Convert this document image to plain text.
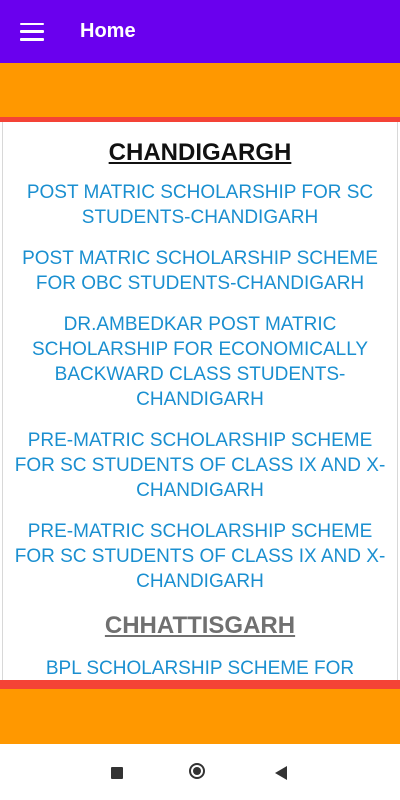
Home
CHANDIGARGH
POST MATRIC SCHOLARSHIP FOR SC STUDENTS-CHANDIGARH
POST MATRIC SCHOLARSHIP SCHEME FOR OBC STUDENTS-CHANDIGARH
DR.AMBEDKAR POST MATRIC SCHOLARSHIP FOR ECONOMICALLY BACKWARD CLASS STUDENTS-CHANDIGARH
PRE-MATRIC SCHOLARSHIP SCHEME FOR SC STUDENTS OF CLASS IX AND X-CHANDIGARH
PRE-MATRIC SCHOLARSHIP SCHEME FOR SC STUDENTS OF CLASS IX AND X-CHANDIGARH
CHHATTISGARH
BPL SCHOLARSHIP SCHEME FOR
